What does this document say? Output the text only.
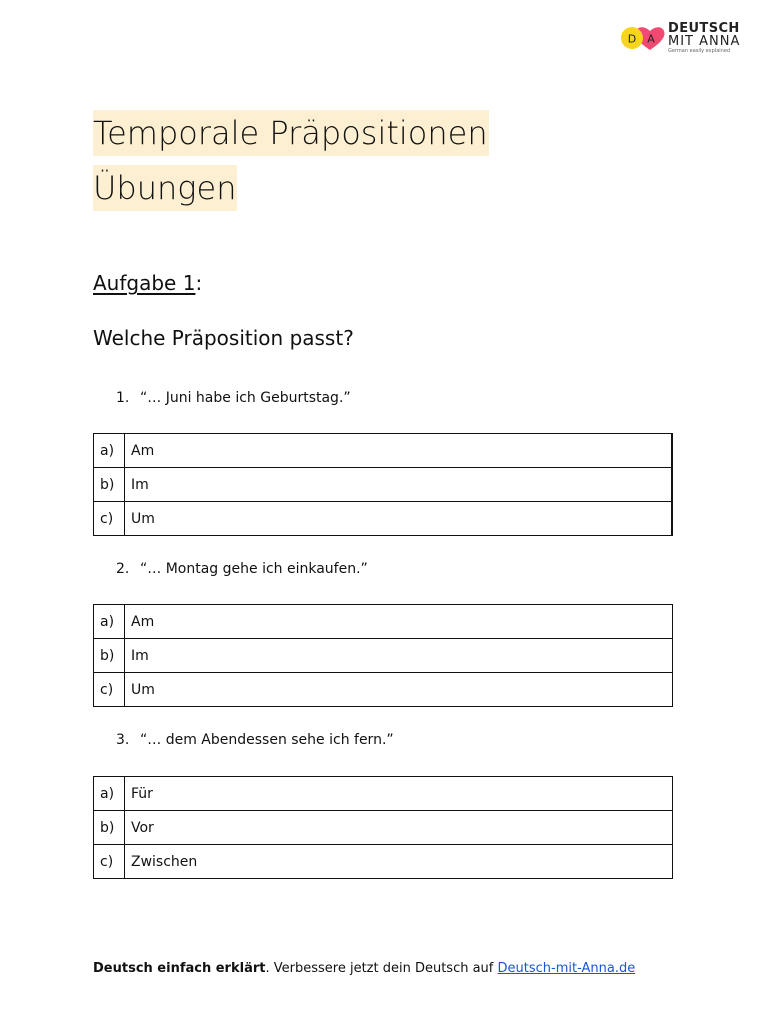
D A
DEUTSCH
MIT ANNA
German easily explained
Temporale Präpositionen
Übungen
Aufgabe 1:
Welche Präposition passt?
1. “… Juni habe ich Geburtstag.”
a)	Am
b)	Im
c)	Um
2. “… Montag gehe ich einkaufen.”
a)	Am
b)	Im
c)	Um
3. “… dem Abendessen sehe ich fern.”
a)	Für
b)	Vor
c)	Zwischen
Deutsch einfach erklärt. Verbessere jetzt dein Deutsch auf Deutsch-mit-Anna.de
